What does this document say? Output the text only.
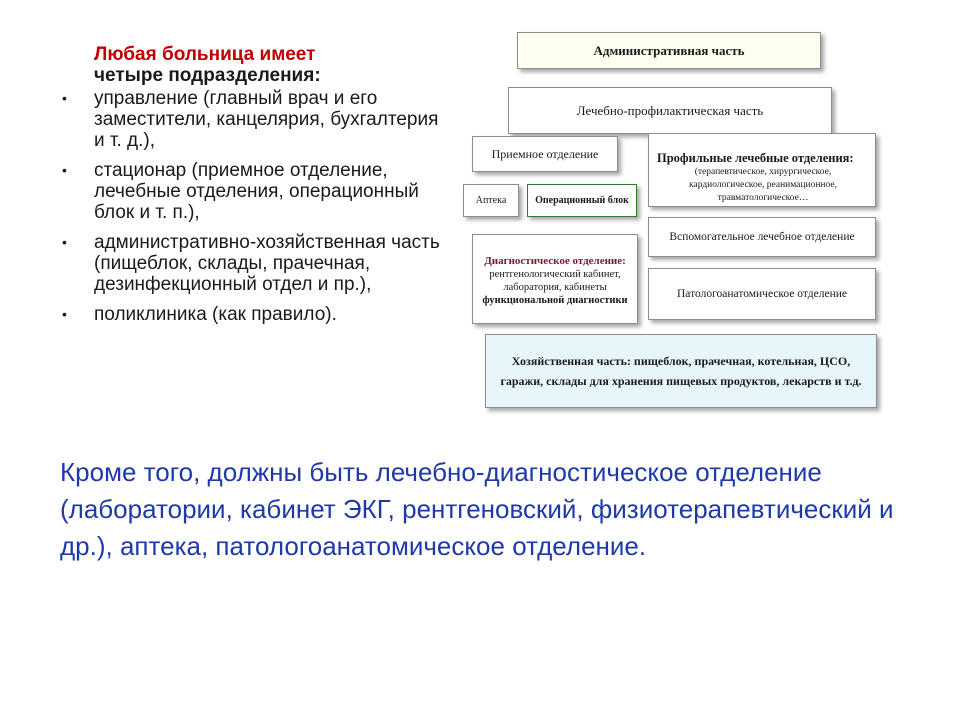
Любая больница имеет
четыре подразделения:
• управление (главный врач и его заместители, канцелярия, бухгалтерия и т. д.),
• стационар (приемное отделение, лечебные отделения, операционный блок и т. п.),
• административно-хозяйственная часть (пищеблок, склады, прачечная, дезинфекционный отдел и пр.),
• поликлиника (как правило).
Кроме того, должны быть лечебно-диагностическое отделение (лаборатории, кабинет ЭКГ, рентгеновский, физиотерапевтический и др.), аптека, патологоанатомическое отделение.
Административная часть
Лечебно-профилактическая часть
Приемное отделение	Профильные лечебные отделения:
(терапевтическое, хирургическое, кардиологическое, реанимационное, травматологическое…
Аптека	Операционный блок
Вспомогательное лечебное отделение
Диагностическое отделение:
рентгенологический кабинет,
лаборатория, кабинеты
функциональной диагностики
Патологоанатомическое отделение
Хозяйственная часть: пищеблок, прачечная, котельная, ЦСО,
гаражи, склады для хранения пищевых продуктов, лекарств и т.д.
